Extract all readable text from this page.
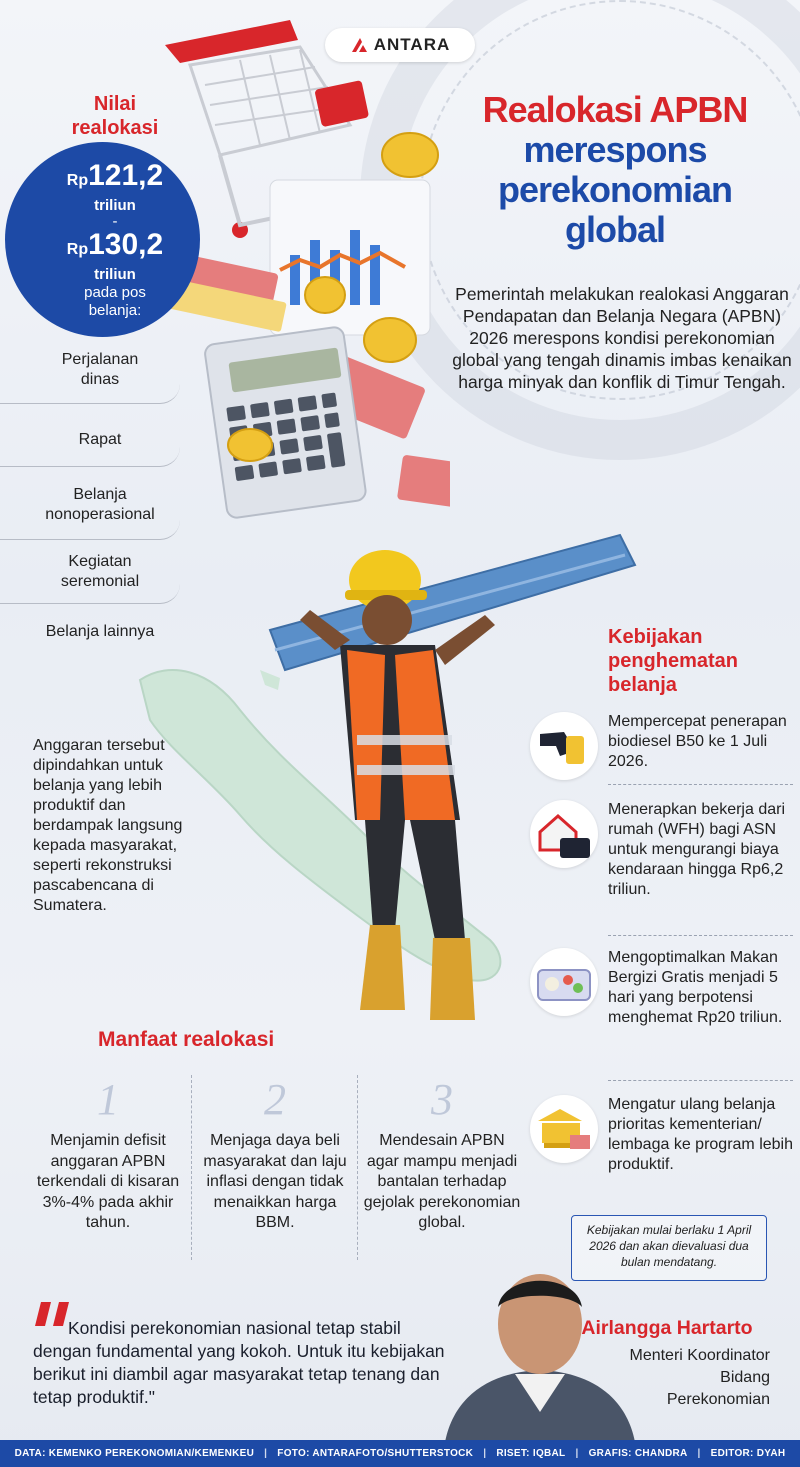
ANTARA
Realokasi APBN
merespons
perekonomian
global
Pemerintah melakukan realokasi Anggaran Pendapatan dan Belanja Negara (APBN) 2026 merespons kondisi perekonomian global yang tengah dinamis imbas kenaikan harga minyak dan konflik di Timur Tengah.
Nilai
realokasi
Rp121,2
triliun
-
Rp130,2
triliun
pada pos
belanja:
Perjalanan
dinas
Rapat
Belanja
nonoperasional
Kegiatan
seremonial
Belanja lainnya
Anggaran tersebut dipindahkan untuk belanja yang lebih produktif dan berdampak langsung kepada masyarakat, seperti rekonstruksi pascabencana di Sumatera.
Kebijakan
penghematan
belanja
Mempercepat penerapan biodiesel B50 ke 1 Juli 2026.
Menerapkan bekerja dari rumah (WFH) bagi ASN untuk mengurangi biaya kendaraan hingga Rp6,2 triliun.
Mengoptimalkan Makan Bergizi Gratis menjadi 5 hari yang berpotensi menghemat Rp20 triliun.
Mengatur ulang belanja prioritas kementerian/ lembaga ke program lebih produktif.
Kebijakan mulai berlaku 1 April 2026 dan akan dievaluasi dua bulan mendatang.
Manfaat realokasi
1
Menjamin defisit anggaran APBN terkendali di kisaran 3%-4% pada akhir tahun.
2
Menjaga daya beli masyarakat dan laju inflasi dengan tidak menaikkan harga BBM.
3
Mendesain APBN agar mampu menjadi bantalan terhadap gejolak perekonomian global.
Kondisi perekonomian nasional tetap stabil dengan fundamental yang kokoh. Untuk itu kebijakan berikut ini diambil agar masyarakat tetap tenang dan tetap produktif."
Airlangga Hartarto
Menteri Koordinator
Bidang
Perekonomian
DATA: KEMENKO PEREKONOMIAN/KEMENKEU | FOTO: ANTARAFOTO/SHUTTERSTOCK | RISET: IQBAL | GRAFIS: CHANDRA | EDITOR: DYAH
